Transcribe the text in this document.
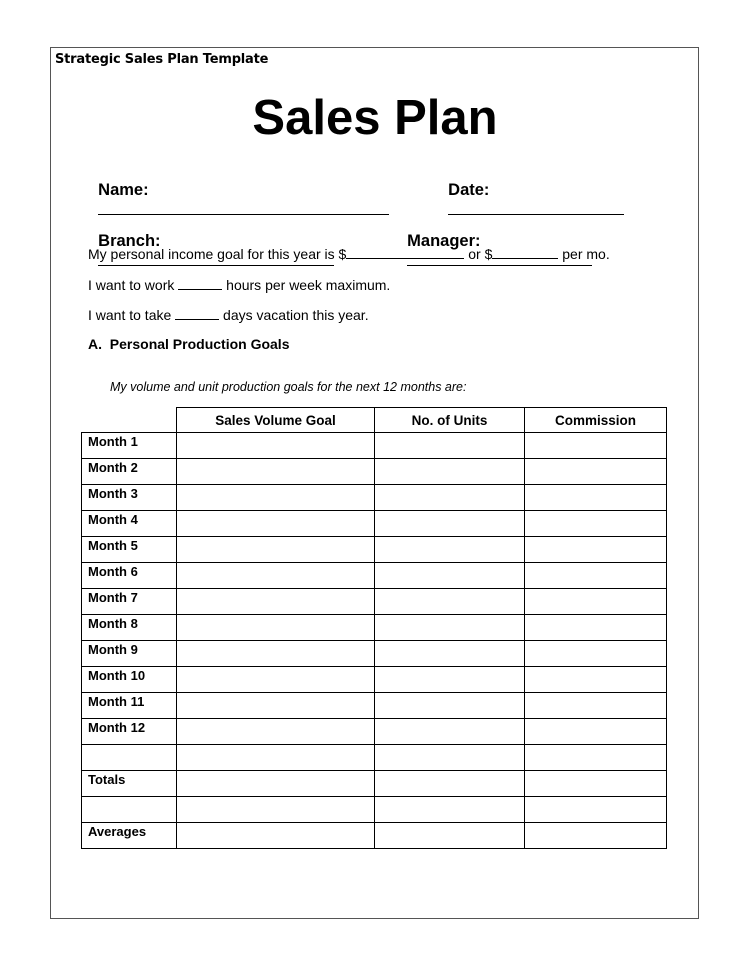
Strategic Sales Plan Template
Sales Plan

Name:
	Date:

Branch:
	Manager:

My personal income goal for this year is $	or $	per mo.
I want to work	hours per week maximum.
I want to take	days vacation this year.
A.  Personal Production Goals
My volume and unit production goals for the next 12 months are:
	Sales Volume Goal	No. of Units	Commission
Month 1			
Month 2			
Month 3			
Month 4			
Month 5			
Month 6			
Month 7			
Month 8			
Month 9			
Month 10			
Month 11			
Month 12			

Totals			

Averages			
